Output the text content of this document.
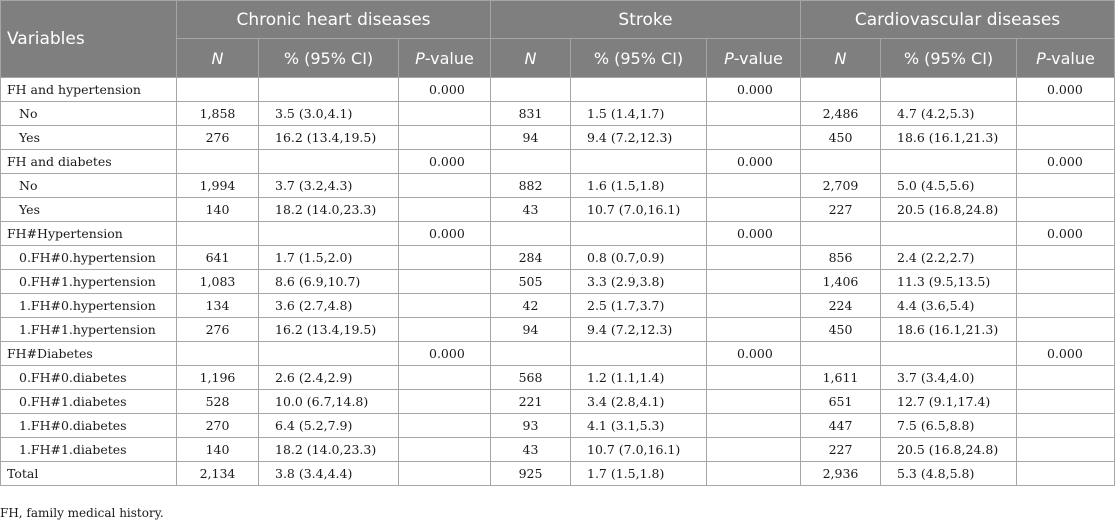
Variables	Chronic heart diseases			Stroke			Cardiovascular diseases		
	N	% (95% CI)	P-value	N	% (95% CI)	P-value	N	% (95% CI)	P-value
FH and hypertension			0.000			0.000			0.000
No	1,858	3.5 (3.0,4.1)		831	1.5 (1.4,1.7)		2,486	4.7 (4.2,5.3)	
Yes	276	16.2 (13.4,19.5)		94	9.4 (7.2,12.3)		450	18.6 (16.1,21.3)	
FH and diabetes			0.000			0.000			0.000
No	1,994	3.7 (3.2,4.3)		882	1.6 (1.5,1.8)		2,709	5.0 (4.5,5.6)	
Yes	140	18.2 (14.0,23.3)		43	10.7 (7.0,16.1)		227	20.5 (16.8,24.8)	
FH#Hypertension			0.000			0.000			0.000
0.FH#0.hypertension	641	1.7 (1.5,2.0)		284	0.8 (0.7,0.9)		856	2.4 (2.2,2.7)	
0.FH#1.hypertension	1,083	8.6 (6.9,10.7)		505	3.3 (2.9,3.8)		1,406	11.3 (9.5,13.5)	
1.FH#0.hypertension	134	3.6 (2.7,4.8)		42	2.5 (1.7,3.7)		224	4.4 (3.6,5.4)	
1.FH#1.hypertension	276	16.2 (13.4,19.5)		94	9.4 (7.2,12.3)		450	18.6 (16.1,21.3)	
FH#Diabetes			0.000			0.000			0.000
0.FH#0.diabetes	1,196	2.6 (2.4,2.9)		568	1.2 (1.1,1.4)		1,611	3.7 (3.4,4.0)	
0.FH#1.diabetes	528	10.0 (6.7,14.8)		221	3.4 (2.8,4.1)		651	12.7 (9.1,17.4)	
1.FH#0.diabetes	270	6.4 (5.2,7.9)		93	4.1 (3.1,5.3)		447	7.5 (6.5,8.8)	
1.FH#1.diabetes	140	18.2 (14.0,23.3)		43	10.7 (7.0,16.1)		227	20.5 (16.8,24.8)	
Total	2,134	3.8 (3.4,4.4)		925	1.7 (1.5,1.8)		2,936	5.3 (4.8,5.8)	

FH, family medical history.
